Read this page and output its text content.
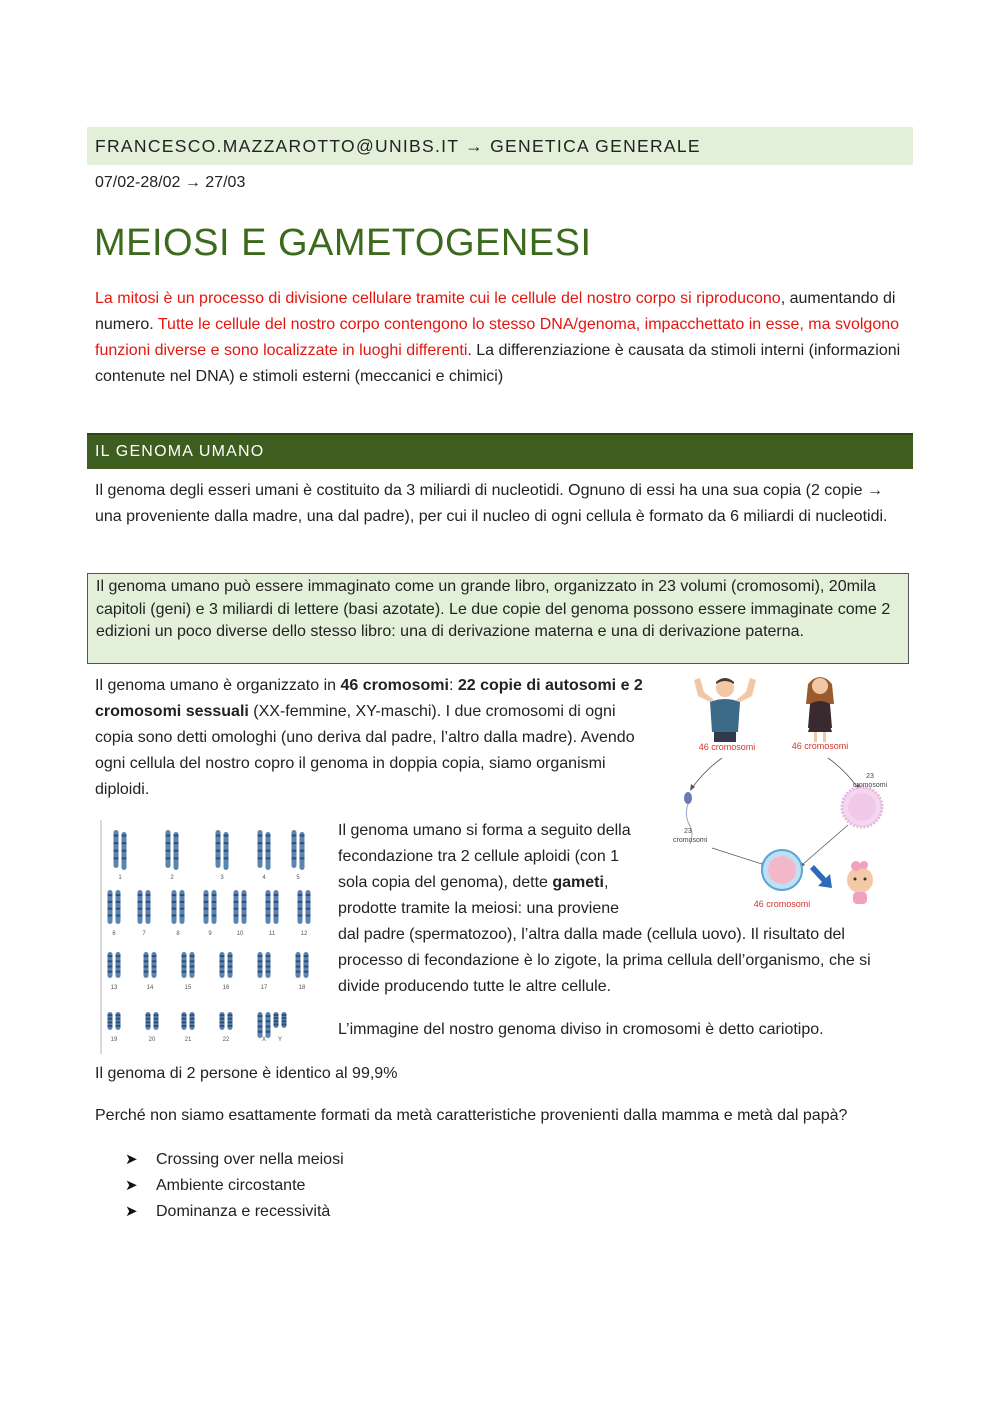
FRANCESCO.MAZZAROTTO@UNIBS.IT → GENETICA GENERALE
07/02-28/02 → 27/03
MEIOSI E GAMETOGENESI
La mitosi è un processo di divisione cellulare tramite cui le cellule del nostro corpo si riproducono, aumentando di numero. Tutte le cellule del nostro corpo contengono lo stesso DNA/genoma, impacchettato in esse, ma svolgono funzioni diverse e sono localizzate in luoghi differenti. La differenziazione è causata da stimoli interni (informazioni contenute nel DNA) e stimoli esterni (meccanici e chimici)
IL GENOMA UMANO
Il genoma degli esseri umani è costituito da 3 miliardi di nucleotidi. Ognuno di essi ha una sua copia (2 copie → una proveniente dalla madre, una dal padre), per cui il nucleo di ogni cellula è formato da 6 miliardi di nucleotidi.
Il genoma umano può essere immaginato come un grande libro, organizzato in 23 volumi (cromosomi), 20mila capitoli (geni) e 3 miliardi di lettere (basi azotate). Le due copie del genoma possono essere immaginate come 2 edizioni un poco diverse dello stesso libro: una di derivazione materna e una di derivazione paterna.
Il genoma umano è organizzato in 46 cromosomi: 22 copie di autosomi e 2 cromosomi sessuali (XX-femmine, XY-maschi). I due cromosomi di ogni copia sono detti omologhi (uno deriva dal padre, l’altro dalla madre). Avendo ogni cellula del nostro copro il genoma in doppia copia, siamo organismi diploidi.
46 cromosomi	46 cromosomi
23
cromosomi
23
cromosomi
46 cromosomi
1	2	3	4	5
6	7	8	9	10	11	12
13	14	15	16	17	18
19	20	21	22	X Y
Il genoma umano si forma a seguito della fecondazione tra 2 cellule aploidi (con 1 sola copia del genoma), dette gameti, prodotte tramite la meiosi: una proviene dal padre (spermatozoo), l’altra dalla made (cellula uovo). Il risultato del processo di fecondazione è lo zigote, la prima cellula dell’organismo, che si divide producendo tutte le altre cellule.
L’immagine del nostro genoma diviso in cromosomi è detto cariotipo.
Il genoma di 2 persone è identico al 99,9%
Perché non siamo esattamente formati da metà caratteristiche provenienti dalla mamma e metà dal papà?
➤	Crossing over nella meiosi
➤	Ambiente circostante
➤	Dominanza e recessività
